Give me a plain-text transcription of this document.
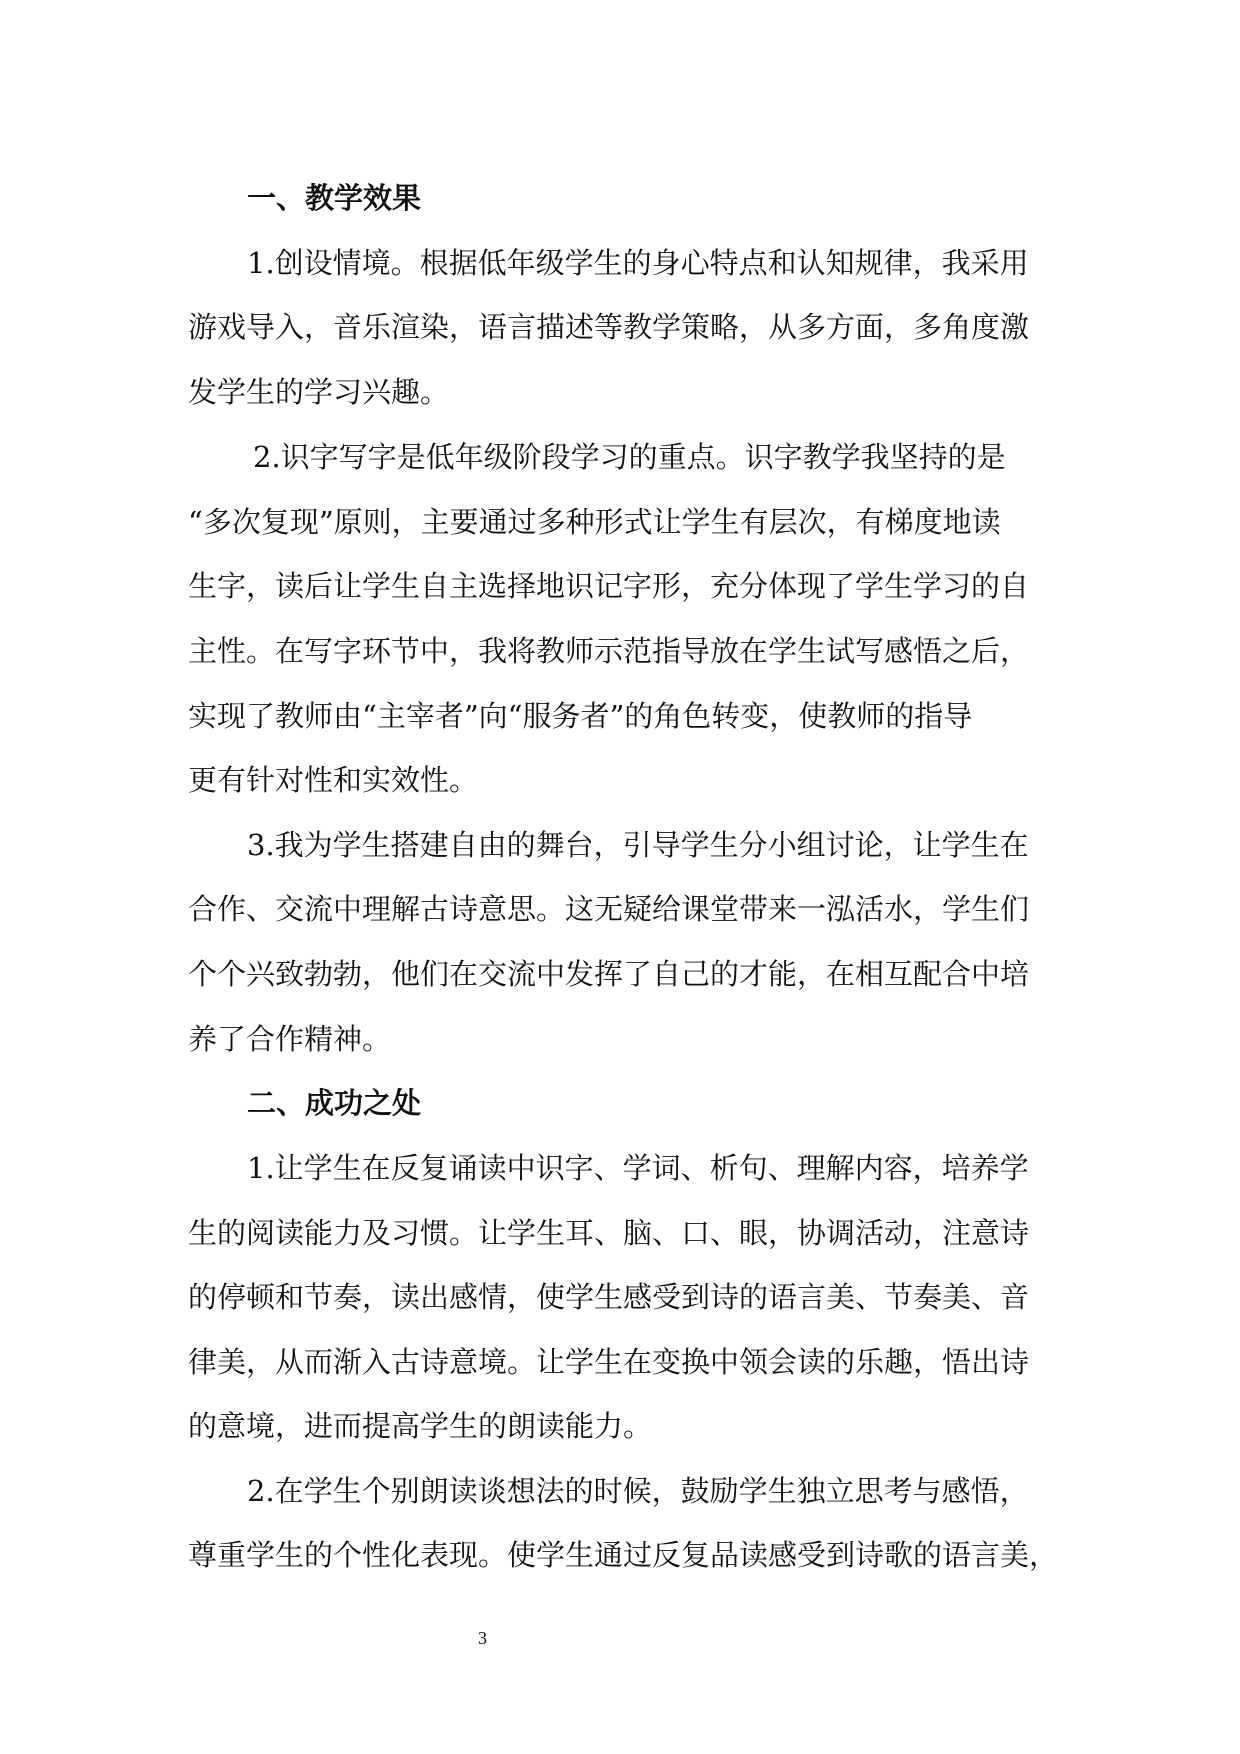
一、教学效果
1.创设情境。根据低年级学生的身心特点和认知规律，我采用
游戏导入，音乐渲染，语言描述等教学策略，从多方面，多角度激
发学生的学习兴趣。
2.识字写字是低年级阶段学习的重点。识字教学我坚持的是
“多次复现”原则，主要通过多种形式让学生有层次，有梯度地读
生字，读后让学生自主选择地识记字形，充分体现了学生学习的自
主性。在写字环节中，我将教师示范指导放在学生试写感悟之后，
实现了教师由“主宰者”向“服务者”的角色转变，使教师的指导
更有针对性和实效性。
3.我为学生搭建自由的舞台，引导学生分小组讨论，让学生在
合作、交流中理解古诗意思。这无疑给课堂带来一泓活水，学生们
个个兴致勃勃，他们在交流中发挥了自己的才能，在相互配合中培
养了合作精神。
二、成功之处
1.让学生在反复诵读中识字、学词、析句、理解内容，培养学
生的阅读能力及习惯。让学生耳、脑、口、眼，协调活动，注意诗
的停顿和节奏，读出感情，使学生感受到诗的语言美、节奏美、音
律美，从而渐入古诗意境。让学生在变换中领会读的乐趣，悟出诗
的意境，进而提高学生的朗读能力。
2.在学生个别朗读谈想法的时候，鼓励学生独立思考与感悟，
尊重学生的个性化表现。使学生通过反复品读感受到诗歌的语言美，
3
